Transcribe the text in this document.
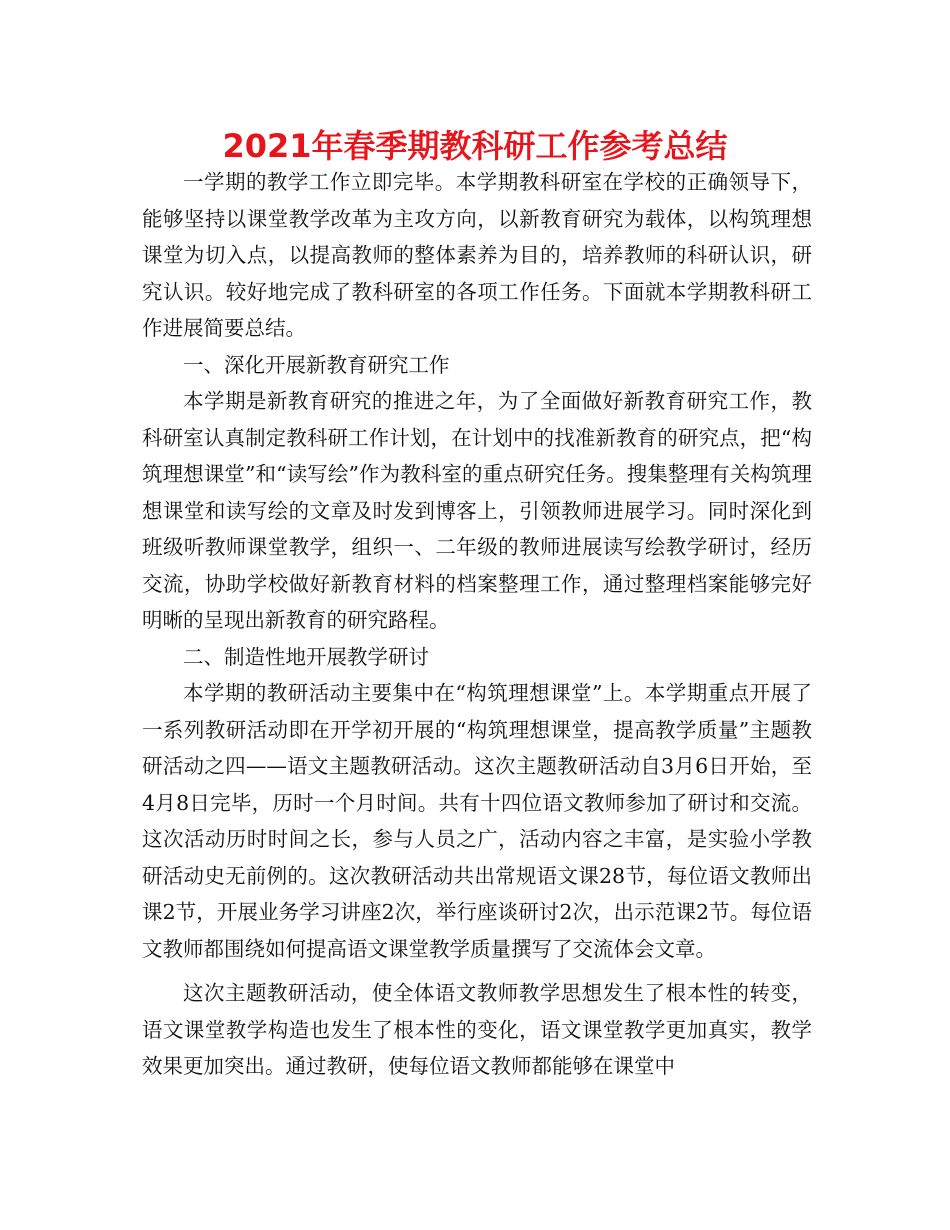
2021年春季期教科研工作参考总结

一学期的教学工作立即完毕。本学期教科研室在学校的正确领导下，能够坚持以课堂教学改革为主攻方向，以新教育研究为载体，以构筑理想课堂为切入点，以提高教师的整体素养为目的，培养教师的科研认识，研究认识。较好地完成了教科研室的各项工作任务。下面就本学期教科研工作进展简要总结。

一、深化开展新教育研究工作

本学期是新教育研究的推进之年，为了全面做好新教育研究工作，教科研室认真制定教科研工作计划，在计划中的找准新教育的研究点，把“构筑理想课堂”和“读写绘”作为教科室的重点研究任务。搜集整理有关构筑理想课堂和读写绘的文章及时发到博客上，引领教师进展学习。同时深化到班级听教师课堂教学，组织一、二年级的教师进展读写绘教学研讨，经历交流，协助学校做好新教育材料的档案整理工作，通过整理档案能够完好明晰的呈现出新教育的研究路程。

二、制造性地开展教学研讨

本学期的教研活动主要集中在“构筑理想课堂”上。本学期重点开展了一系列教研活动即在开学初开展的“构筑理想课堂，提高教学质量”主题教研活动之四——语文主题教研活动。这次主题教研活动自3月6日开始，至4月8日完毕，历时一个月时间。共有十四位语文教师参加了研讨和交流。这次活动历时时间之长，参与人员之广，活动内容之丰富，是实验小学教研活动史无前例的。这次教研活动共出常规语文课28节，每位语文教师出课2节，开展业务学习讲座2次，举行座谈研讨2次，出示范课2节。每位语文教师都围绕如何提高语文课堂教学质量撰写了交流体会文章。

这次主题教研活动，使全体语文教师教学思想发生了根本性的转变，语文课堂教学构造也发生了根本性的变化，语文课堂教学更加真实，教学效果更加突出。通过教研，使每位语文教师都能够在课堂中
